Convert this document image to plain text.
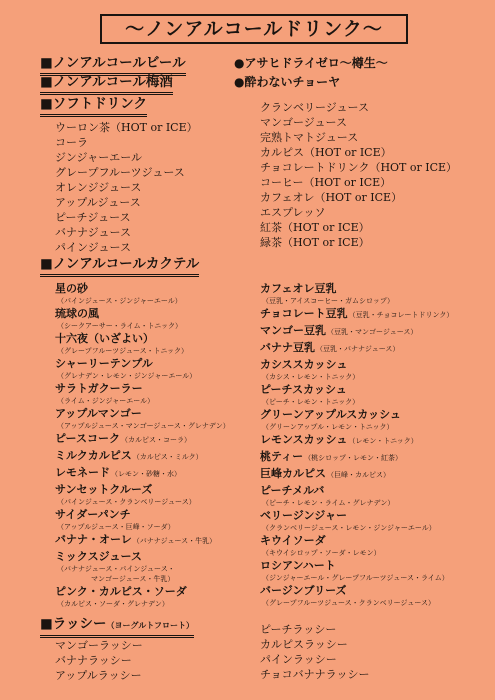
～ノンアルコールドリンク～
■ノンアルコールビール
■ノンアルコール梅酒
■ソフトドリンク
●アサヒドライゼロ～樽生～
●酔わないチョーヤ
ウーロン茶（HOT or ICE）
コーラ
ジンジャーエール
グレープフルーツジュース
オレンジジュース
アップルジュース
ピーチジュース
バナナジュース
パインジュース
クランベリージュース
マンゴージュース
完熟トマトジュース
カルピス（HOT or ICE）
チョコレートドリンク（HOT or ICE）
コーヒー（HOT or ICE）
カフェオレ（HOT or ICE）
エスプレッソ
紅茶（HOT or ICE）
緑茶（HOT or ICE）
■ノンアルコールカクテル
星の砂
（パインジュース・ジンジャーエール）
琉球の風
（シークアーサー・ライム・トニック）
十六夜（いざよい）
（グレープフルーツジュース・トニック）
シャーリーテンプル
（グレナデン・レモン・ジンジャーエール）
サラトガクーラー
（ライム・ジンジャーエール）
アップルマンゴー
（アップルジュース・マンゴージュース・グレナデン）
ピースコーク（カルピス・コーラ）
ミルクカルピス（カルピス・ミルク）
レモネード（レモン・砂糖・水）
サンセットクルーズ
（パインジュース・クランベリージュース）
サイダーパンチ
（アップルジュース・巨峰・ソーダ）
バナナ・オーレ（バナナジュース・牛乳）
ミックスジュース
（バナナジュース・パインジュース・
マンゴージュース・牛乳）
ピンク・カルピス・ソーダ
（カルピス・ソーダ・グレナデン）
カフェオレ豆乳
（豆乳・アイスコーヒー・ガムシロップ）
チョコレート豆乳（豆乳・チョコレートドリンク）
マンゴー豆乳（豆乳・マンゴージュース）
バナナ豆乳（豆乳・バナナジュース）
カシススカッシュ
（カシス・レモン・トニック）
ピーチスカッシュ
（ピーチ・レモン・トニック）
グリーンアップルスカッシュ
（グリーンアップル・レモン・トニック）
レモンスカッシュ（レモン・トニック）
桃ティー（桃シロップ・レモン・紅茶）
巨峰カルピス（巨峰・カルピス）
ピーチメルバ
（ピーチ・レモン・ライム・グレナデン）
ベリージンジャー
（クランベリージュース・レモン・ジンジャーエール）
キウイソーダ
（キウイシロップ・ソーダ・レモン）
ロシアンハート
（ジンジャーエール・グレープフルーツジュース・ライム）
バージンブリーズ
（グレープフルーツジュース・クランベリージュース）
■ラッシー（ヨーグルトフロート）
マンゴーラッシー
バナナラッシー
アップルラッシー
ピーチラッシー
カルピスラッシー
パインラッシー
チョコバナナラッシー
